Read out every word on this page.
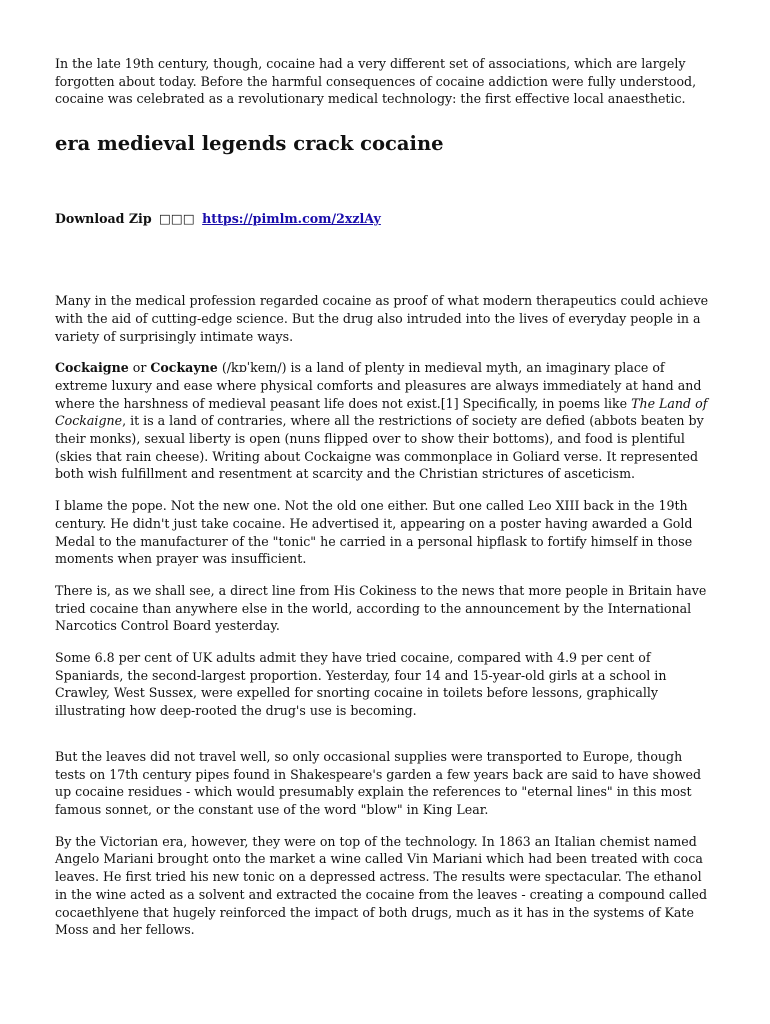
In the late 19th century, though, cocaine had a very different set of associations, which are largely forgotten about today. Before the harmful consequences of cocaine addiction were fully understood, cocaine was celebrated as a revolutionary medical technology: the first effective local anaesthetic.

era medieval legends crack cocaine
Download Zip □□□ https://pimlm.com/2xzlAy

Many in the medical profession regarded cocaine as proof of what modern therapeutics could achieve with the aid of cutting-edge science. But the drug also intruded into the lives of everyday people in a variety of surprisingly intimate ways.

Cockaigne or Cockayne (/kɒˈkeɪn/) is a land of plenty in medieval myth, an imaginary place of extreme luxury and ease where physical comforts and pleasures are always immediately at hand and where the harshness of medieval peasant life does not exist.[1] Specifically, in poems like The Land of Cockaigne, it is a land of contraries, where all the restrictions of society are defied (abbots beaten by their monks), sexual liberty is open (nuns flipped over to show their bottoms), and food is plentiful (skies that rain cheese). Writing about Cockaigne was commonplace in Goliard verse. It represented both wish fulfillment and resentment at scarcity and the Christian strictures of asceticism.

I blame the pope. Not the new one. Not the old one either. But one called Leo XIII back in the 19th century. He didn't just take cocaine. He advertised it, appearing on a poster having awarded a Gold Medal to the manufacturer of the "tonic" he carried in a personal hipflask to fortify himself in those moments when prayer was insufficient.

There is, as we shall see, a direct line from His Cokiness to the news that more people in Britain have tried cocaine than anywhere else in the world, according to the announcement by the International Narcotics Control Board yesterday.

Some 6.8 per cent of UK adults admit they have tried cocaine, compared with 4.9 per cent of Spaniards, the second-largest proportion. Yesterday, four 14 and 15-year-old girls at a school in Crawley, West Sussex, were expelled for snorting cocaine in toilets before lessons, graphically illustrating how deep-rooted the drug's use is becoming.

But the leaves did not travel well, so only occasional supplies were transported to Europe, though tests on 17th century pipes found in Shakespeare's garden a few years back are said to have showed up cocaine residues - which would presumably explain the references to "eternal lines" in this most famous sonnet, or the constant use of the word "blow" in King Lear.

By the Victorian era, however, they were on top of the technology. In 1863 an Italian chemist named Angelo Mariani brought onto the market a wine called Vin Mariani which had been treated with coca leaves. He first tried his new tonic on a depressed actress. The results were spectacular. The ethanol in the wine acted as a solvent and extracted the cocaine from the leaves - creating a compound called cocaethlyene that hugely reinforced the impact of both drugs, much as it has in the systems of Kate Moss and her fellows.
